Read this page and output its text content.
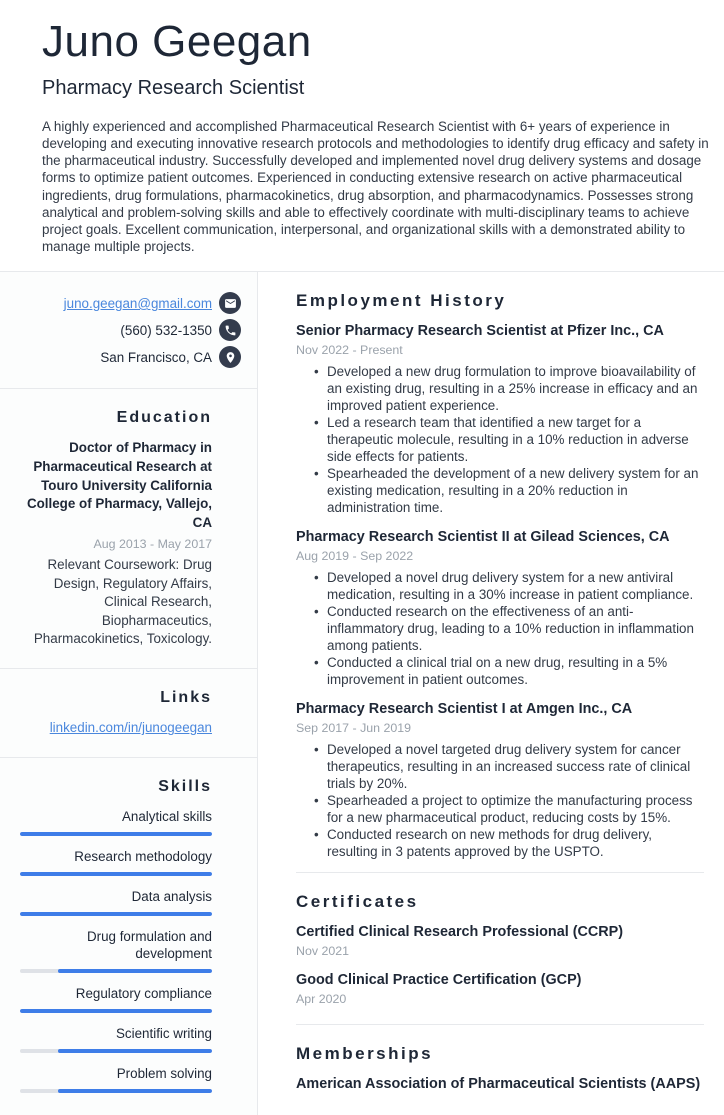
Juno Geegan
Pharmacy Research Scientist
A highly experienced and accomplished Pharmaceutical Research Scientist with 6+ years of experience in developing and executing innovative research protocols and methodologies to identify drug efficacy and safety in the pharmaceutical industry. Successfully developed and implemented novel drug delivery systems and dosage forms to optimize patient outcomes. Experienced in conducting extensive research on active pharmaceutical ingredients, drug formulations, pharmacokinetics, drug absorption, and pharmacodynamics. Possesses strong analytical and problem-solving skills and able to effectively coordinate with multi-disciplinary teams to achieve project goals. Excellent communication, interpersonal, and organizational skills with a demonstrated ability to manage multiple projects.
juno.geegan@gmail.com
(560) 532-1350
San Francisco, CA
Education
Doctor of Pharmacy in Pharmaceutical Research at Touro University California College of Pharmacy, Vallejo, CA
Aug 2013 - May 2017
Relevant Coursework: Drug Design, Regulatory Affairs, Clinical Research, Biopharmaceutics, Pharmacokinetics, Toxicology.
Links
linkedin.com/in/junogeegan
Skills
Analytical skills
Research methodology
Data analysis
Drug formulation and development
Regulatory compliance
Scientific writing
Problem solving
Employment History
Senior Pharmacy Research Scientist at Pfizer Inc., CA
Nov 2022 - Present
• Developed a new drug formulation to improve bioavailability of an existing drug, resulting in a 25% increase in efficacy and an improved patient experience.
• Led a research team that identified a new target for a therapeutic molecule, resulting in a 10% reduction in adverse side effects for patients.
• Spearheaded the development of a new delivery system for an existing medication, resulting in a 20% reduction in administration time.
Pharmacy Research Scientist II at Gilead Sciences, CA
Aug 2019 - Sep 2022
• Developed a novel drug delivery system for a new antiviral medication, resulting in a 30% increase in patient compliance.
• Conducted research on the effectiveness of an anti-inflammatory drug, leading to a 10% reduction in inflammation among patients.
• Conducted a clinical trial on a new drug, resulting in a 5% improvement in patient outcomes.
Pharmacy Research Scientist I at Amgen Inc., CA
Sep 2017 - Jun 2019
• Developed a novel targeted drug delivery system for cancer therapeutics, resulting in an increased success rate of clinical trials by 20%.
• Spearheaded a project to optimize the manufacturing process for a new pharmaceutical product, reducing costs by 15%.
• Conducted research on new methods for drug delivery, resulting in 3 patents approved by the USPTO.
Certificates
Certified Clinical Research Professional (CCRP)
Nov 2021
Good Clinical Practice Certification (GCP)
Apr 2020
Memberships
American Association of Pharmaceutical Scientists (AAPS)
